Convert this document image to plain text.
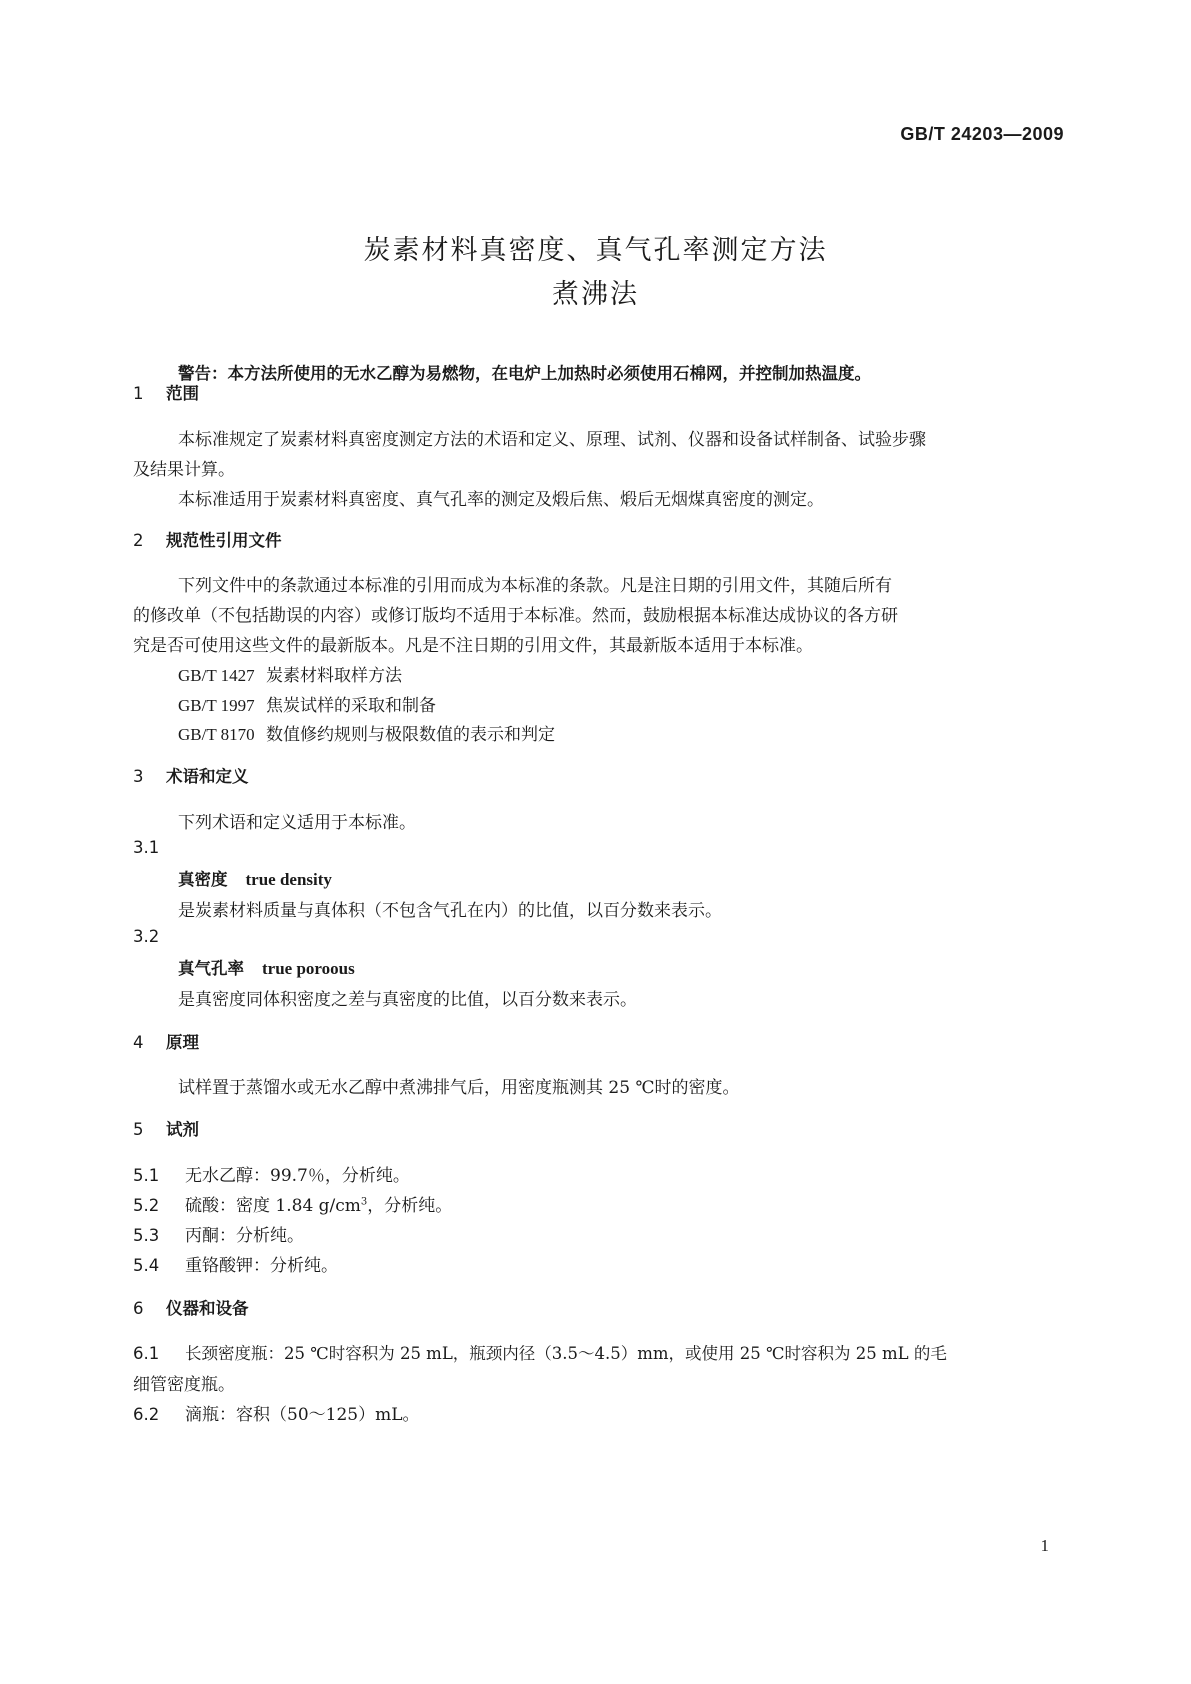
GB/T 24203—2009
炭素材料真密度、真气孔率测定方法
煮沸法
警告：本方法所使用的无水乙醇为易燃物，在电炉上加热时必须使用石棉网，并控制加热温度。
1 范围
本标准规定了炭素材料真密度测定方法的术语和定义、原理、试剂、仪器和设备试样制备、试验步骤
及结果计算。
本标准适用于炭素材料真密度、真气孔率的测定及煅后焦、煅后无烟煤真密度的测定。
2 规范性引用文件
下列文件中的条款通过本标准的引用而成为本标准的条款。凡是注日期的引用文件，其随后所有
的修改单（不包括勘误的内容）或修订版均不适用于本标准。然而，鼓励根据本标准达成协议的各方研
究是否可使用这些文件的最新版本。凡是不注日期的引用文件，其最新版本适用于本标准。
GB/T 1427 炭素材料取样方法
GB/T 1997 焦炭试样的采取和制备
GB/T 8170 数值修约规则与极限数值的表示和判定
3 术语和定义
下列术语和定义适用于本标准。
3.1
真密度 true density
是炭素材料质量与真体积（不包含气孔在内）的比值，以百分数来表示。
3.2
真气孔率 true poroous
是真密度同体积密度之差与真密度的比值，以百分数来表示。
4 原理
试样置于蒸馏水或无水乙醇中煮沸排气后，用密度瓶测其 25 ℃时的密度。
5 试剂
5.1 无水乙醇：99.7％，分析纯。
5.2 硫酸：密度 1.84 $g/cm^3$，分析纯。
5.3 丙酮：分析纯。
5.4 重铬酸钾：分析纯。
6 仪器和设备
6.1 长颈密度瓶：25 ℃时容积为 25 mL，瓶颈内径（3.5～4.5）mm，或使用 25 ℃时容积为 25 mL 的毛
细管密度瓶。
6.2 滴瓶：容积（50～125）mL。
1
